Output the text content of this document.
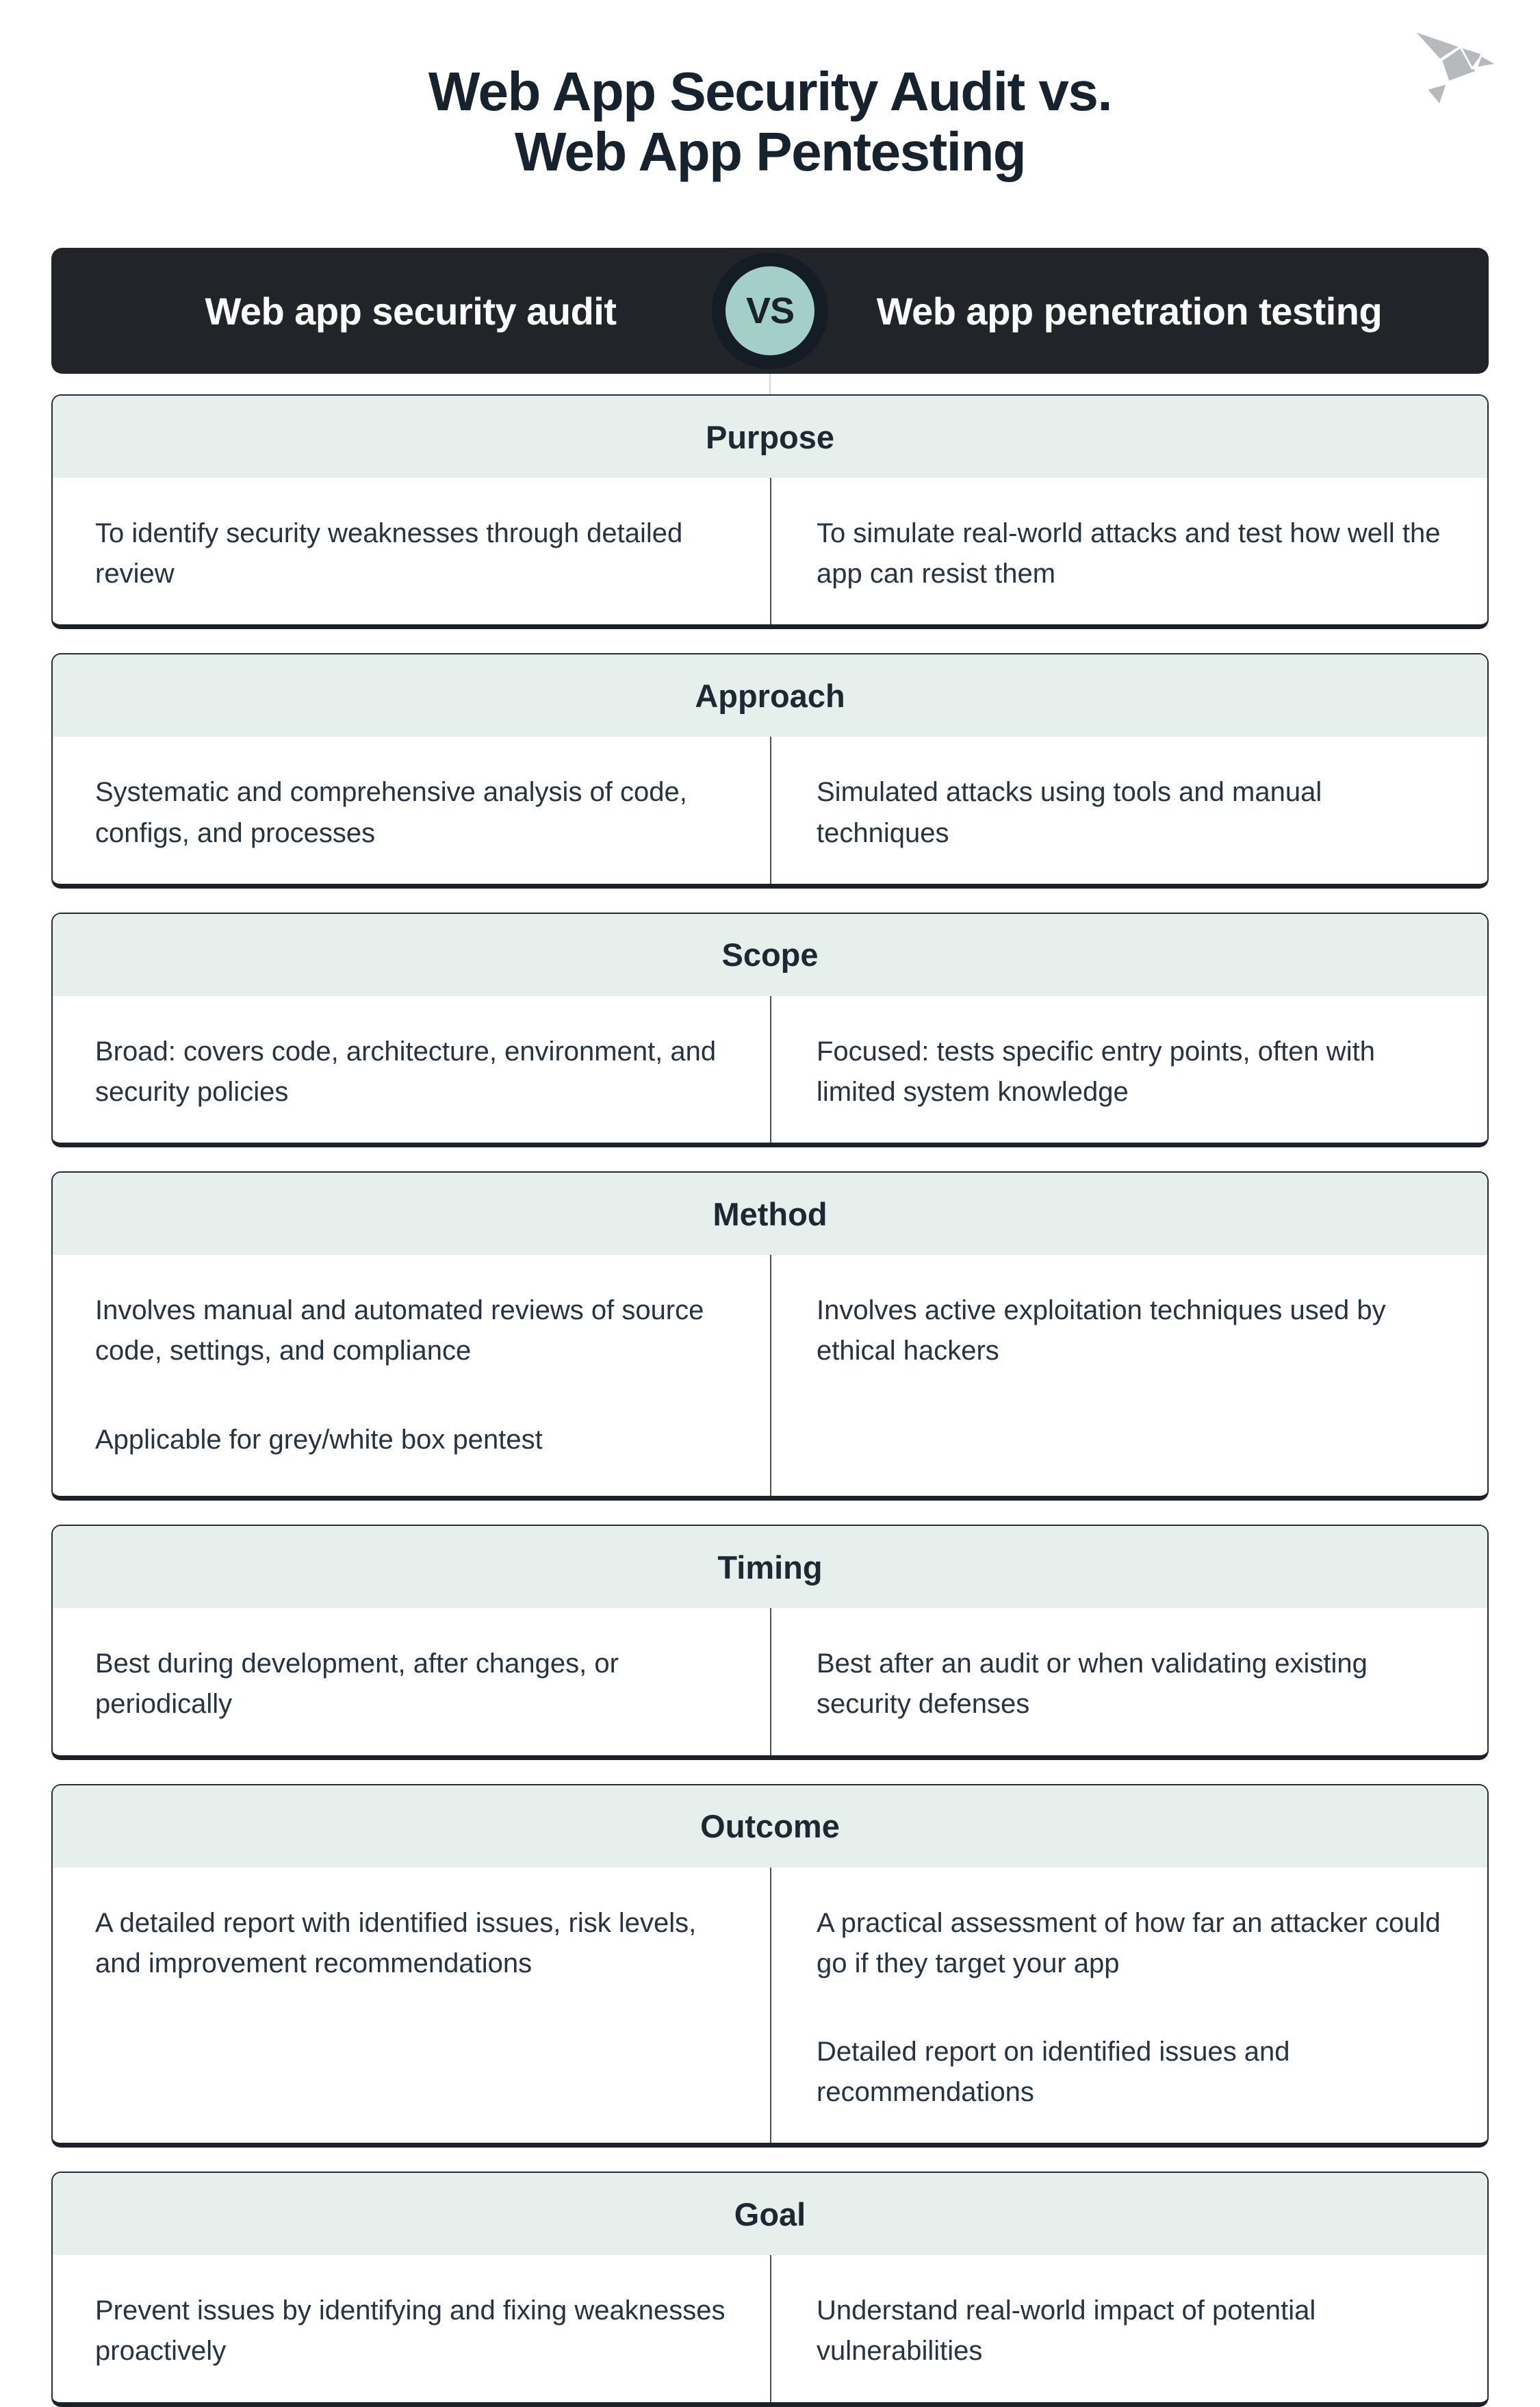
Web App Security Audit vs.
Web App Pentesting
Web app security audit	Web app penetration testing
VS
Purpose

To identify security weaknesses through detailed review

To simulate real-world attacks and test how well the app can resist them

Approach

Systematic and comprehensive analysis of code, configs, and processes

Simulated attacks using tools and manual techniques

Scope

Broad: covers code, architecture, environment, and security policies

Focused: tests specific entry points, often with limited system knowledge

Method

Involves manual and automated reviews of source code, settings, and compliance

Applicable for grey/white box pentest

Involves active exploitation techniques used by ethical hackers

Timing

Best during development, after changes, or periodically

Best after an audit or when validating existing security defenses

Outcome

A detailed report with identified issues, risk levels, and improvement recommendations

A practical assessment of how far an attacker could go if they target your app

Detailed report on identified issues and recommendations

Goal

Prevent issues by identifying and fixing weaknesses proactively

Understand real-world impact of potential vulnerabilities
